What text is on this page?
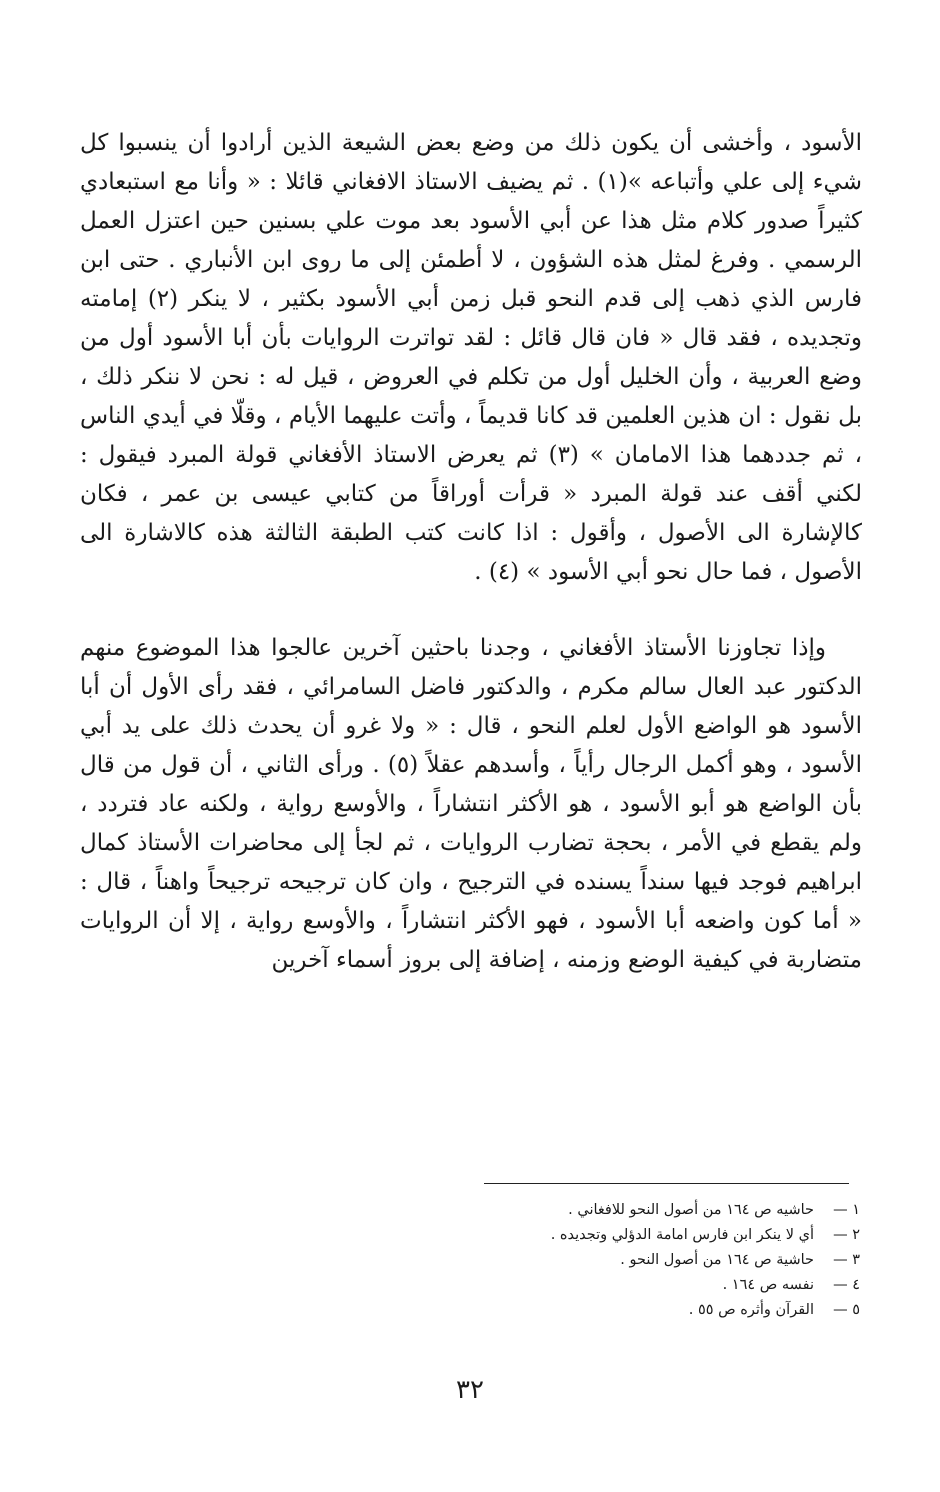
الأسود ، وأخشى أن يكون ذلك من وضع بعض الشيعة الذين أرادوا أن ينسبوا كل شيء إلى علي وأتباعه »(١) . ثم يضيف الاستاذ الافغاني قائلا : « وأنا مع استبعادي كثيراً صدور كلام مثل هذا عن أبي الأسود بعد موت علي بسنين حين اعتزل العمل الرسمي . وفرغ لمثل هذه الشؤون ، لا أطمئن إلى ما روى ابن الأنباري . حتى ابن فارس الذي ذهب إلى قدم النحو قبل زمن أبي الأسود بكثير ، لا ينكر (٢) إمامته وتجديده ، فقد قال « فان قال قائل : لقد تواترت الروايات بأن أبا الأسود أول من وضع العربية ، وأن الخليل أول من تكلم في العروض ، قيل له : نحن لا ننكر ذلك ، بل نقول : ان هذين العلمين قد كانا قديماً ، وأتت عليهما الأيام ، وقلّا في أيدي الناس ، ثم جددهما هذا الامامان » (٣) ثم يعرض الاستاذ الأفغاني قولة المبرد فيقول : لكني أقف عند قولة المبرد « قرأت أوراقاً من كتابي عيسى بن عمر ، فكان كالإشارة الى الأصول ، وأقول : اذا كانت كتب الطبقة الثالثة هذه كالاشارة الى الأصول ، فما حال نحو أبي الأسود » (٤) .

وإذا تجاوزنا الأستاذ الأفغاني ، وجدنا باحثين آخرين عالجوا هذا الموضوع منهم الدكتور عبد العال سالم مكرم ، والدكتور فاضل السامرائي ، فقد رأى الأول أن أبا الأسود هو الواضع الأول لعلم النحو ، قال : « ولا غرو أن يحدث ذلك على يد أبي الأسود ، وهو أكمل الرجال رأياً ، وأسدهم عقلاً (٥) . ورأى الثاني ، أن قول من قال بأن الواضع هو أبو الأسود ، هو الأكثر انتشاراً ، والأوسع رواية ، ولكنه عاد فتردد ، ولم يقطع في الأمر ، بحجة تضارب الروايات ، ثم لجأ إلى محاضرات الأستاذ كمال ابراهيم فوجد فيها سنداً يسنده في الترجيح ، وان كان ترجيحه ترجيحاً واهناً ، قال : « أما كون واضعه أبا الأسود ، فهو الأكثر انتشاراً ، والأوسع رواية ، إلا أن الروايات متضاربة في كيفية الوضع وزمنه ، إضافة إلى بروز أسماء آخرين

١ —
حاشيه ص ١٦٤ من أصول النحو للافغاني .
٢ —
أي لا ينكر ابن فارس امامة الدؤلي وتجديده .
٣ —
حاشية ص ١٦٤ من أصول النحو .
٤ —
نفسه ص ١٦٤ .
٥ —
القرآن وأثره ص ٥٥ .
٣٢
